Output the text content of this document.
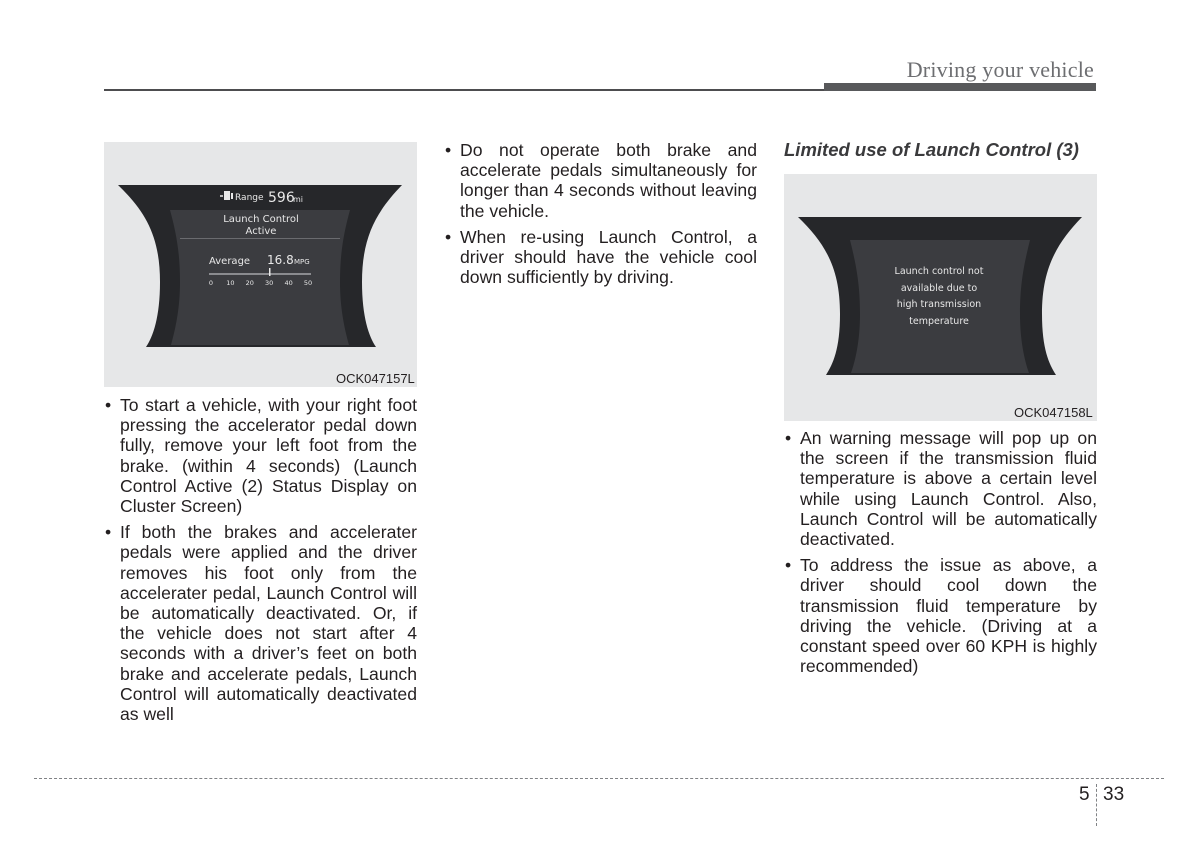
Driving your vehicle
Range 596
mi
Launch Control
Active
Average 16.8 MPG
0 10 20 30 40 50
OCK047157L
• To start a vehicle, with your right foot pressing the accelerator pedal down fully, remove your left foot from the brake. (within 4 seconds) (Launch Control Active (2) Status Display on Cluster Screen)
• If both the brakes and accelerater pedals were applied and the driver removes his foot only from the accelerater pedal, Launch Control will be automatically deactivated. Or, if the vehicle does not start after 4 seconds with a driver’s feet on both brake and accelerate pedals, Launch Control will automatically deactivated as well
• Do not operate both brake and accelerate pedals simultaneously for longer than 4 seconds without leaving the vehicle.
• When re-using Launch Control, a driver should have the vehicle cool down sufficiently by driving.
Limited use of Launch Control (3)
Launch control not
available due to
high transmission
temperature
OCK047158L
• An warning message will pop up on the screen if the transmission fluid temperature is above a certain level while using Launch Control. Also, Launch Control will be automatically deactivated.
• To address the issue as above, a driver should cool down the transmission fluid temperature by driving the vehicle. (Driving at a constant speed over 60 KPH is highly recommended)
5 33
